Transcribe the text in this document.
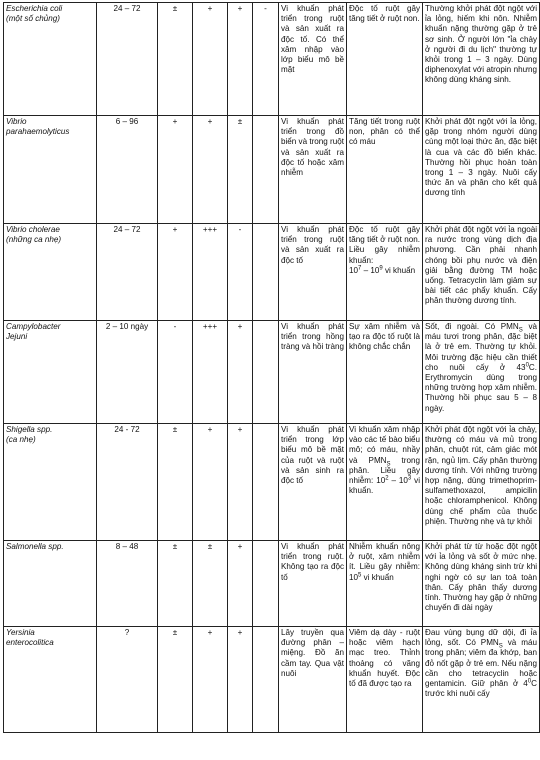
Escherichia coli
(một số chủng)	24 – 72	±	+	+	-	Vi khuẩn phát triển trong ruột và sản xuất ra độc tố. Có thể xâm nhập vào lớp biểu mô bề mặt	Độc tố ruột gây tăng tiết ở ruột non.	Thường khởi phát đột ngột với ỉa lỏng, hiếm khi nôn. Nhiễm khuẩn nặng thường gặp ở trẻ sơ sinh. Ở người lớn "ỉa chảy ở người đi du lịch" thường tự khỏi trong 1 – 3 ngày. Dùng diphenoxylat với atropin nhưng không dùng kháng sinh.

Vibrio
parahaemolyticus	6 – 96	+	+	±		Vi khuẩn phát triển trong đồ biển và trong ruột và sản xuất ra độc tố hoặc xâm nhiễm	Tăng tiết trong ruột non, phân có thể có máu	Khởi phát đột ngột với ỉa lỏng, gặp trong nhóm người dùng cùng một loại thức ăn, đặc biệt là cua và các đồ biển khác. Thường hồi phục hoàn toàn trong 1 – 3 ngày. Nuôi cấy thức ăn và phân cho kết quả dương tính

Vibrio cholerae
(những ca nhẹ)	24 – 72	+	+++	-		Vi khuẩn phát triển trong ruột và sản xuất ra độc tố	Độc tố ruột gây tăng tiết ở ruột non. Liều gây nhiễm khuẩn:
$10^7 - 10^9$ vi khuẩn	Khởi phát đột ngột với ỉa ngoài ra nước trong vùng dịch địa phương. Cần phải nhanh chóng bồi phụ nước và điện giải bằng đường TM hoặc uống. Tetracyclin làm giảm sự bài tiết các phẩy khuẩn. Cấy phân thường dương tính.

Campylobacter
Jejuni	2 – 10 ngày	-	+++	+		Vi khuẩn phát triển trong hồng tràng và hồi tràng	Sự xâm nhiễm và tạo ra độc tố ruột là không chắc chắn	Sốt, đi ngoài. Có $PMN_S$ và máu tươi trong phân, đặc biệt là ở trẻ em. Thường tự khỏi. Môi trường đặc hiệu cần thiết cho nuôi cấy ở $43^0C$. Erythromycin dùng trong những trường hợp xâm nhiễm. Thường hồi phục sau 5 – 8 ngày.

Shigella spp.
(ca nhẹ)	24 - 72	±	+	+		Vi khuẩn phát triển trong lớp biểu mô bề mặt của ruột và ruột và sản sinh ra độc tố	Vi khuẩn xâm nhập vào các tế bào biểu mô; có máu, nhầy và $PMN_S$ trong phân. Liều gây nhiễm: $10^2 - 10^3$ vi khuẩn.	Khởi phát đột ngột với ỉa chảy, thường có máu và mủ trong phân, chuột rút, cảm giác mót rặn, ngủ lịm. Cấy phân thường dương tính. Với những trường hợp nặng, dùng trimethoprim-sulfamethoxazol, ampicilin hoặc chloramphenicol. Không dùng chế phẩm của thuốc phiện. Thường nhẹ và tự khỏi

Salmonella spp.	8 – 48	±	±	+		Vi khuẩn phát triển trong ruột. Không tạo ra độc tố	Nhiễm khuẩn nông ở ruột, xâm nhiễm ít. Liều gây nhiễm: $10^5$ vi khuẩn	Khởi phát từ từ hoặc đột ngột với ỉa lỏng và sốt ở mức nhẹ. Không dùng kháng sinh trừ khi nghi ngờ có sự lan toả toàn thân. Cấy phân thấy dương tính. Thường hay gặp ở những chuyến đi dài ngày

Yersinia
enterocolitica	?	±	+	+		Lây truyền qua đường phân – miệng. Đồ ăn cầm tay. Qua vật nuôi	Viêm dạ dày - ruột hoặc viêm hạch mạc treo. Thỉnh thoảng có vãng khuẩn huyết. Độc tố đã được tạo ra	Đau vùng bụng dữ dội, đi ỉa lỏng, sốt. Có $PMN_S$ và máu trong phân; viêm đa khớp, ban đỏ nốt gặp ở trẻ em. Nếu nặng cần cho tetracyclin hoặc gentamicin. Giữ phân ở $4^0C$ trước khi nuôi cấy
